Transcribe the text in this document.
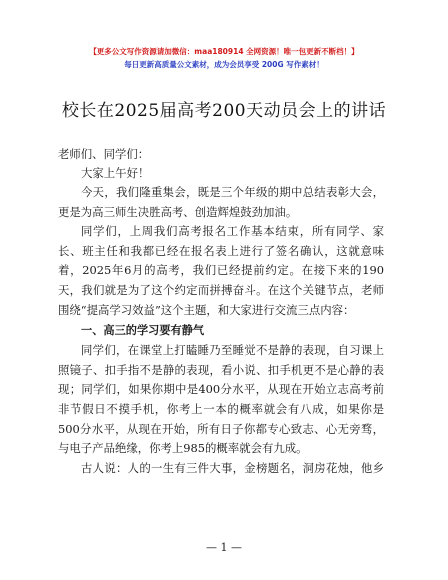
【更多公文写作资源请加微信：maa180914 全网资源！唯一包更新不断档！】
每日更新高质量公文素材，成为会员享受 200G 写作素材！
校长在2025届高考200天动员会上的讲话
老师们、同学们：
大家上午好！
今天，我们隆重集会，既是三个年级的期中总结表彰大会，
更是为高三师生决胜高考、创造辉煌鼓劲加油。
同学们，上周我们高考报名工作基本结束，所有同学、家
长、班主任和我都已经在报名表上进行了签名确认，这就意味
着，2025年6月的高考，我们已经提前约定。在接下来的190
天，我们就是为了这个约定而拼搏奋斗。在这个关键节点，老师
围绕“提高学习效益”这个主题，和大家进行交流三点内容：
一、高三的学习要有静气
同学们，在课堂上打瞌睡乃至睡觉不是静的表现，自习课上
照镜子、扣手指不是静的表现，看小说、扣手机更不是心静的表
现；同学们，如果你期中是400分水平，从现在开始立志高考前
非节假日不摸手机，你考上一本的概率就会有八成，如果你是
500分水平，从现在开始，所有日子你都专心致志、心无旁骛，
与电子产品绝缘，你考上985的概率就会有九成。
古人说：人的一生有三件大事，金榜题名，洞房花烛，他乡
— 1 —
